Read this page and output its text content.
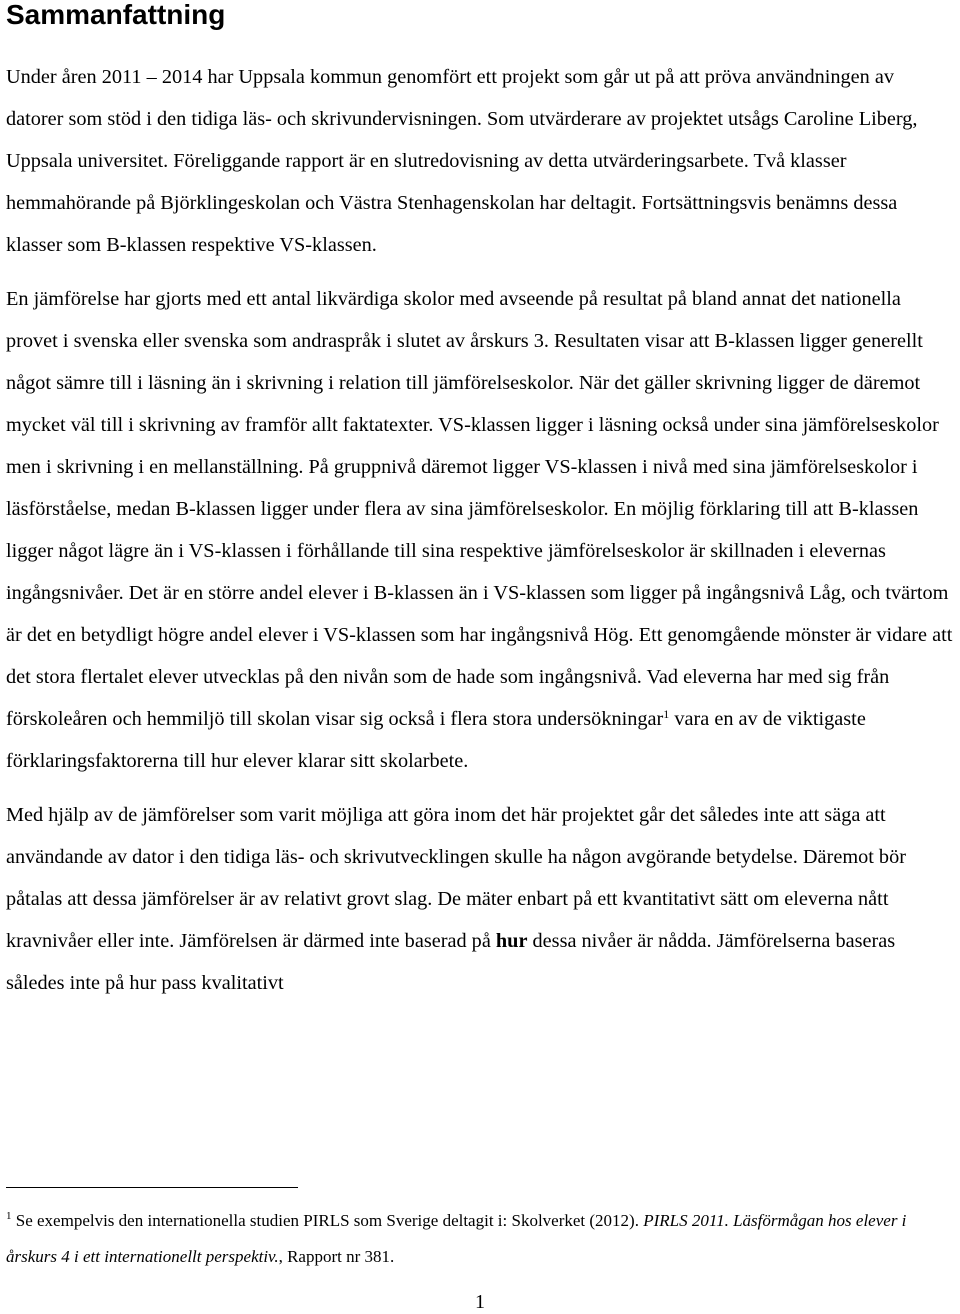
Sammanfattning

Under åren 2011 – 2014 har Uppsala kommun genomfört ett projekt som går ut på att pröva användningen av datorer som stöd i den tidiga läs- och skrivundervisningen. Som utvärderare av projektet utsågs Caroline Liberg, Uppsala universitet. Föreliggande rapport är en slutredovisning av detta utvärderingsarbete. Två klasser hemmahörande på Björklingeskolan och Västra Stenhagenskolan har deltagit. Fortsättningsvis benämns dessa klasser som B-klassen respektive VS-klassen.

En jämförelse har gjorts med ett antal likvärdiga skolor med avseende på resultat på bland annat det nationella provet i svenska eller svenska som andraspråk i slutet av årskurs 3. Resultaten visar att B-klassen ligger generellt något sämre till i läsning än i skrivning i relation till jämförelseskolor. När det gäller skrivning ligger de däremot mycket väl till i skrivning av framför allt faktatexter. VS-klassen ligger i läsning också under sina jämförelseskolor men i skrivning i en mellanställning. På gruppnivå däremot ligger VS-klassen i nivå med sina jämförelseskolor i läsförståelse, medan B-klassen ligger under flera av sina jämförelseskolor. En möjlig förklaring till att B-klassen ligger något lägre än i VS-klassen i förhållande till sina respektive jämförelseskolor är skillnaden i elevernas ingångsnivåer. Det är en större andel elever i B-klassen än i VS-klassen som ligger på ingångsnivå Låg, och tvärtom är det en betydligt högre andel elever i VS-klassen som har ingångsnivå Hög. Ett genomgående mönster är vidare att det stora flertalet elever utvecklas på den nivån som de hade som ingångsnivå. Vad eleverna har med sig från förskoleåren och hemmiljö till skolan visar sig också i flera stora undersökningar$^1$ vara en av de viktigaste förklaringsfaktorerna till hur elever klarar sitt skolarbete.

Med hjälp av de jämförelser som varit möjliga att göra inom det här projektet går det således inte att säga att användande av dator i den tidiga läs- och skrivutvecklingen skulle ha någon avgörande betydelse. Däremot bör påtalas att dessa jämförelser är av relativt grovt slag. De mäter enbart på ett kvantitativt sätt om eleverna nått kravnivåer eller inte. Jämförelsen är därmed inte baserad på hur dessa nivåer är nådda. Jämförelserna baseras således inte på hur pass kvalitativt

$^1$ Se exempelvis den internationella studien PIRLS som Sverige deltagit i: Skolverket (2012). PIRLS 2011. Läsförmågan hos elever i årskurs 4 i ett internationellt perspektiv., Rapport nr 381.
1
